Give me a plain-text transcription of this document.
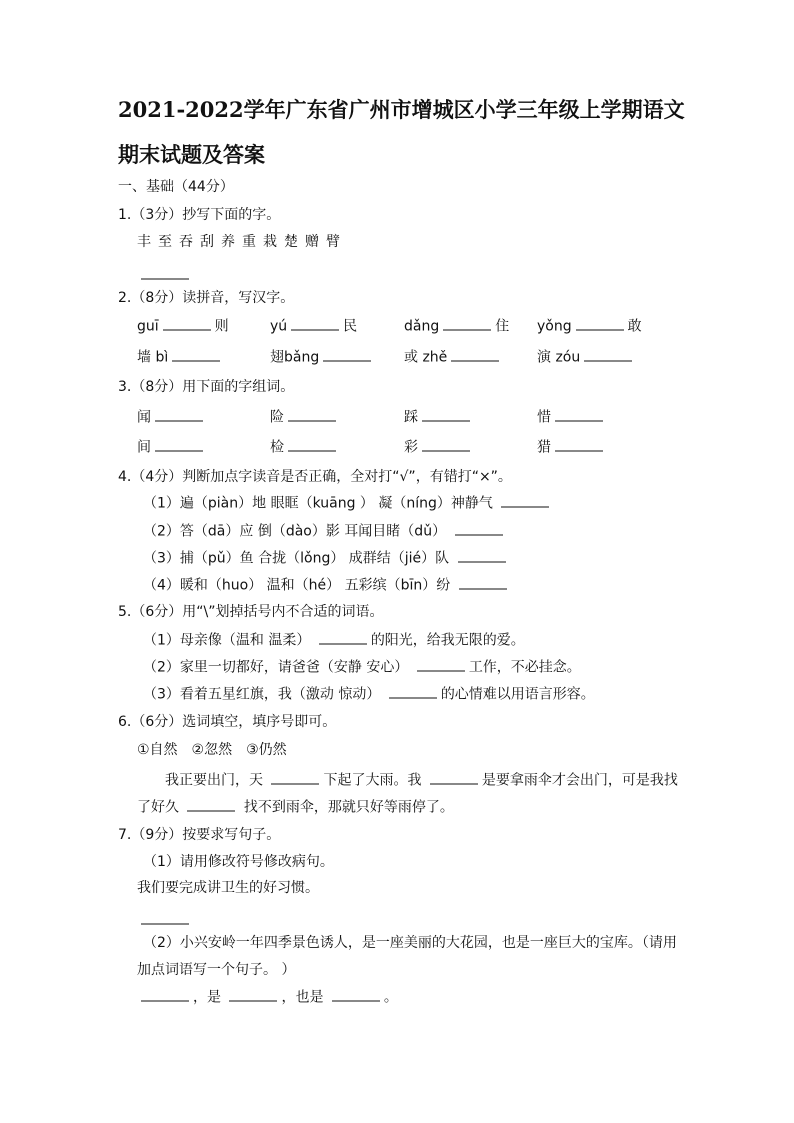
2021-2022学年广东省广州市增城区小学三年级上学期语文
期末试题及答案
一、基础（44分）
1.（3分）抄写下面的字。
丰 至 吞 刮 养 重 栽 楚 赠 臂
2.（8分）读拼音，写汉字。
guī	则	yú	民	dǎng	住 yǒng	敢
墙 bì	翅bǎng	或 zhě	演 zóu
3.（8分）用下面的字组词。
闻	险	踩	惜
间	检	彩	猎
4.（4分）判断加点字读音是否正确，全对打“√”，有错打“×”。
（1）遍（piàn）地 眼眶（kuāng ） 凝（níng）神静气
（2）答（dā）应 倒（dào）影 耳闻目睹（dǔ）
（3）捕（pǔ）鱼 合拢（lǒng） 成群结（jié）队
（4）暖和（huo） 温和（hé） 五彩缤（bīn）纷
5.（6分）用“\”划掉括号内不合适的词语。
（1）母亲像（温和 温柔）	的阳光，给我无限的爱。
（2）家里一切都好，请爸爸（安静 安心）	工作，不必挂念。
（3）看着五星红旗，我（激动 惊动）	的心情难以用语言形容。
6.（6分）选词填空，填序号即可。
①自然　②忽然　③仍然
我正要出门，天	下起了大雨。我	是要拿雨伞才会出门，可是我找
了好久	找不到雨伞，那就只好等雨停了。
7.（9分）按要求写句子。
（1）请用修改符号修改病句。
我们要完成讲卫生的好习惯。
（2）小兴安岭一年四季景色诱人，是一座美丽的大花园，也是一座巨大的宝库。（请用
加点词语写一个句子。 ）
，是	，也是	。
